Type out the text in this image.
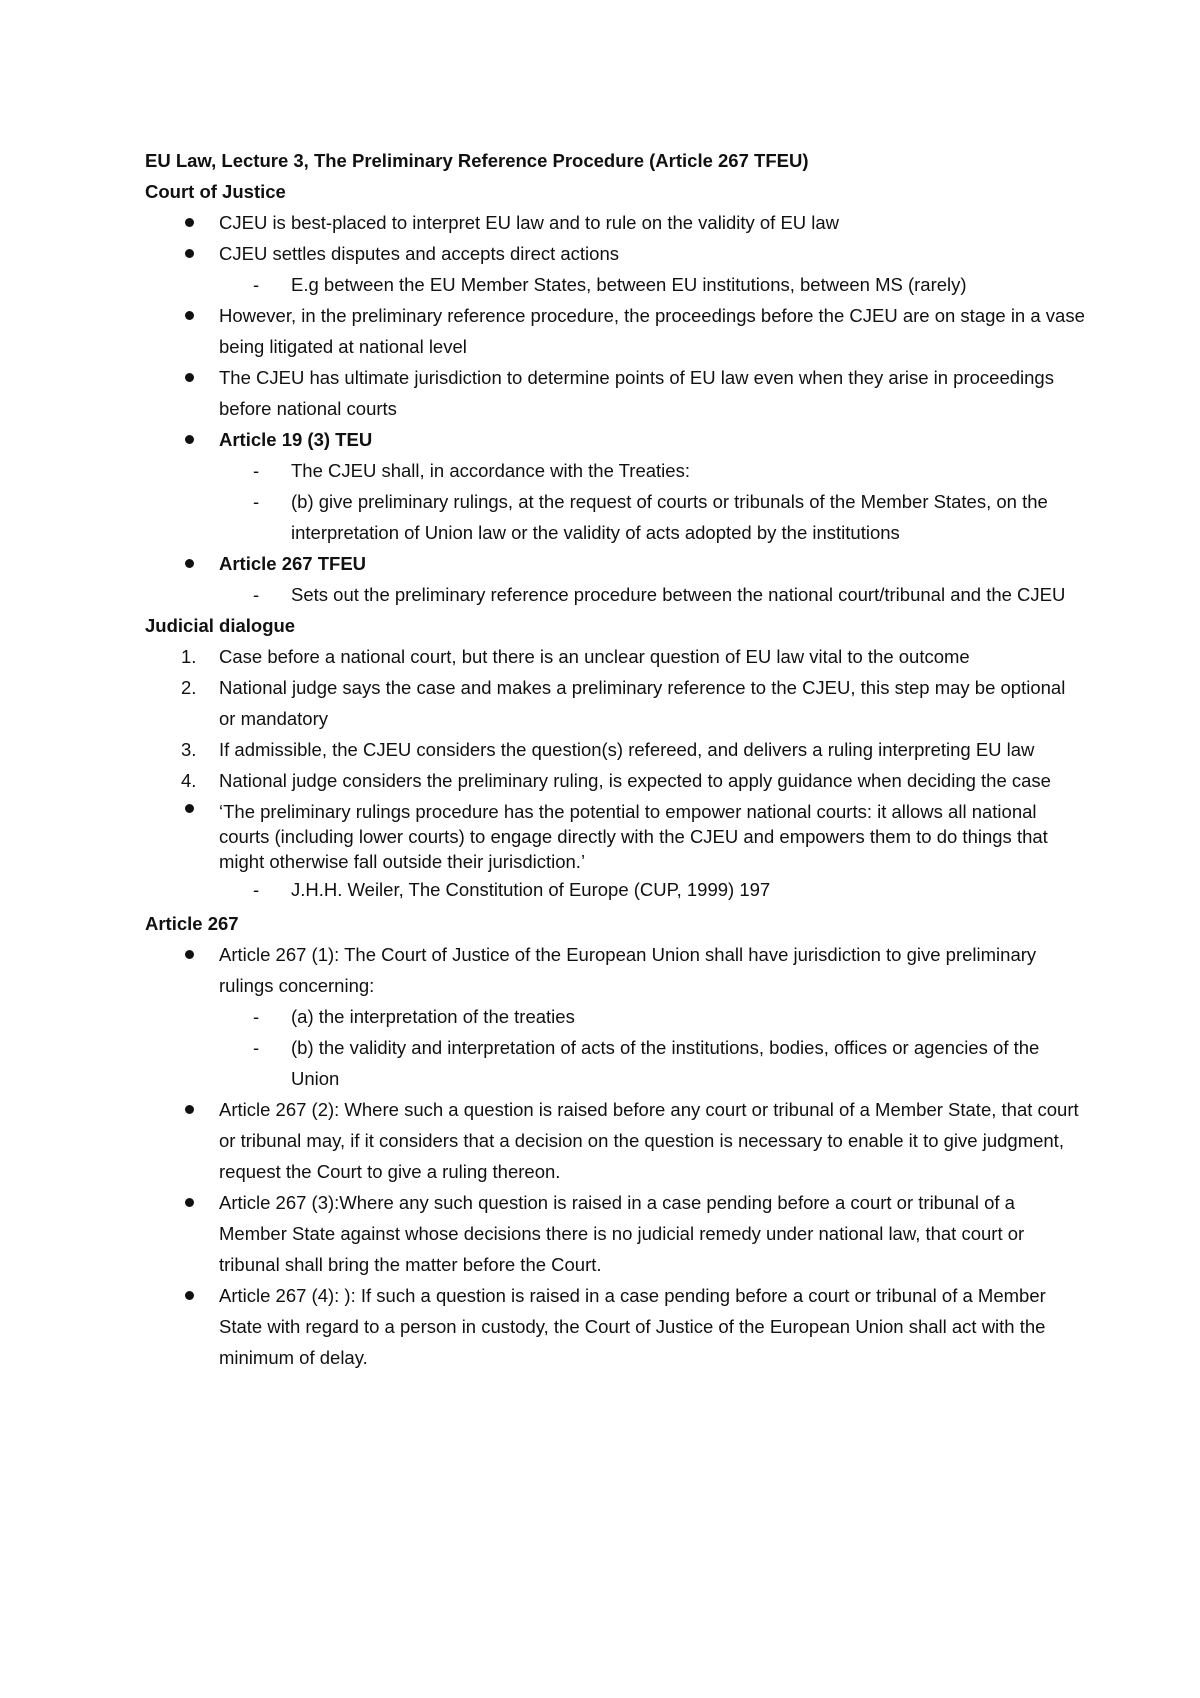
EU Law, Lecture 3, The Preliminary Reference Procedure (Article 267 TFEU)
Court of Justice
CJEU is best-placed to interpret EU law and to rule on the validity of EU law
CJEU settles disputes and accepts direct actions
- E.g between the EU Member States, between EU institutions, between MS (rarely)
However, in the preliminary reference procedure, the proceedings before the CJEU are on stage in a vase being litigated at national level
The CJEU has ultimate jurisdiction to determine points of EU law even when they arise in proceedings before national courts
Article 19 (3) TEU
- The CJEU shall, in accordance with the Treaties:
- (b) give preliminary rulings, at the request of courts or tribunals of the Member States, on the interpretation of Union law or the validity of acts adopted by the institutions
Article 267 TFEU
- Sets out the preliminary reference procedure between the national court/tribunal and the CJEU
Judicial dialogue
1. Case before a national court, but there is an unclear question of EU law vital to the outcome
2. National judge says the case and makes a preliminary reference to the CJEU, this step may be optional or mandatory
3. If admissible, the CJEU considers the question(s) refereed, and delivers a ruling interpreting EU law
4. National judge considers the preliminary ruling, is expected to apply guidance when deciding the case
‘The preliminary rulings procedure has the potential to empower national courts: it allows all national courts (including lower courts) to engage directly with the CJEU and empowers them to do things that might otherwise fall outside their jurisdiction.’
- J.H.H. Weiler, The Constitution of Europe (CUP, 1999) 197
Article 267
Article 267 (1): The Court of Justice of the European Union shall have jurisdiction to give preliminary rulings concerning:
- (a) the interpretation of the treaties
- (b) the validity and interpretation of acts of the institutions, bodies, offices or agencies of the Union
Article 267 (2): Where such a question is raised before any court or tribunal of a Member State, that court or tribunal may, if it considers that a decision on the question is necessary to enable it to give judgment, request the Court to give a ruling thereon.
Article 267 (3):Where any such question is raised in a case pending before a court or tribunal of a Member State against whose decisions there is no judicial remedy under national law, that court or tribunal shall bring the matter before the Court.
Article 267 (4): ): If such a question is raised in a case pending before a court or tribunal of a Member State with regard to a person in custody, the Court of Justice of the European Union shall act with the minimum of delay.
